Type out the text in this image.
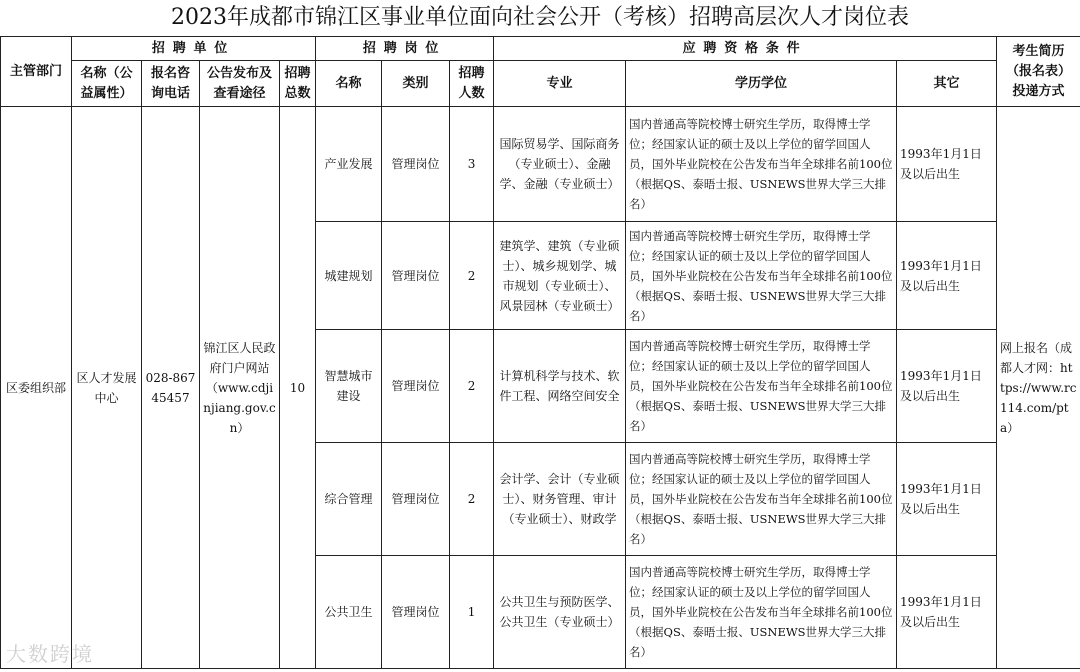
2023年成都市锦江区事业单位面向社会公开（考核）招聘高层次人才岗位表
主管部门	招聘单位				招聘岗位			应聘资格条件			考生简历（报名表）投递方式
	名称（公益属性）	报名咨询电话	公告发布及查看途径	招聘总数	名称	类别	招聘人数	专业	学历学位	其它	
区委组织部	区人才发展中心	028-86745457	锦江区人民政府门户网站（www.cdjinjiang.gov.cn）	10	产业发展	管理岗位	3	国际贸易学、国际商务（专业硕士）、金融学、金融（专业硕士）	国内普通高等院校博士研究生学历，取得博士学位；经国家认证的硕士及以上学位的留学回国人员，国外毕业院校在公告发布当年全球排名前100位（根据QS、泰晤士报、USNEWS世界大学三大排名）	1993年1月1日及以后出生	网上报名（成都人才网：https://www.rc114.com/pta）
					城建规划	管理岗位	2	建筑学、建筑（专业硕士）、城乡规划学、城市规划（专业硕士）、风景园林（专业硕士）	国内普通高等院校博士研究生学历，取得博士学位；经国家认证的硕士及以上学位的留学回国人员，国外毕业院校在公告发布当年全球排名前100位（根据QS、泰晤士报、USNEWS世界大学三大排名）	1993年1月1日及以后出生	
					智慧城市建设	管理岗位	2	计算机科学与技术、软件工程、网络空间安全	国内普通高等院校博士研究生学历，取得博士学位；经国家认证的硕士及以上学位的留学回国人员，国外毕业院校在公告发布当年全球排名前100位（根据QS、泰晤士报、USNEWS世界大学三大排名）	1993年1月1日及以后出生	
					综合管理	管理岗位	2	会计学、会计（专业硕士）、财务管理、审计（专业硕士）、财政学	国内普通高等院校博士研究生学历，取得博士学位；经国家认证的硕士及以上学位的留学回国人员，国外毕业院校在公告发布当年全球排名前100位（根据QS、泰晤士报、USNEWS世界大学三大排名）	1993年1月1日及以后出生	
					公共卫生	管理岗位	1	公共卫生与预防医学、公共卫生（专业硕士）	国内普通高等院校博士研究生学历，取得博士学位；经国家认证的硕士及以上学位的留学回国人员，国外毕业院校在公告发布当年全球排名前100位（根据QS、泰晤士报、USNEWS世界大学三大排名）	1993年1月1日及以后出生	
大数跨境
